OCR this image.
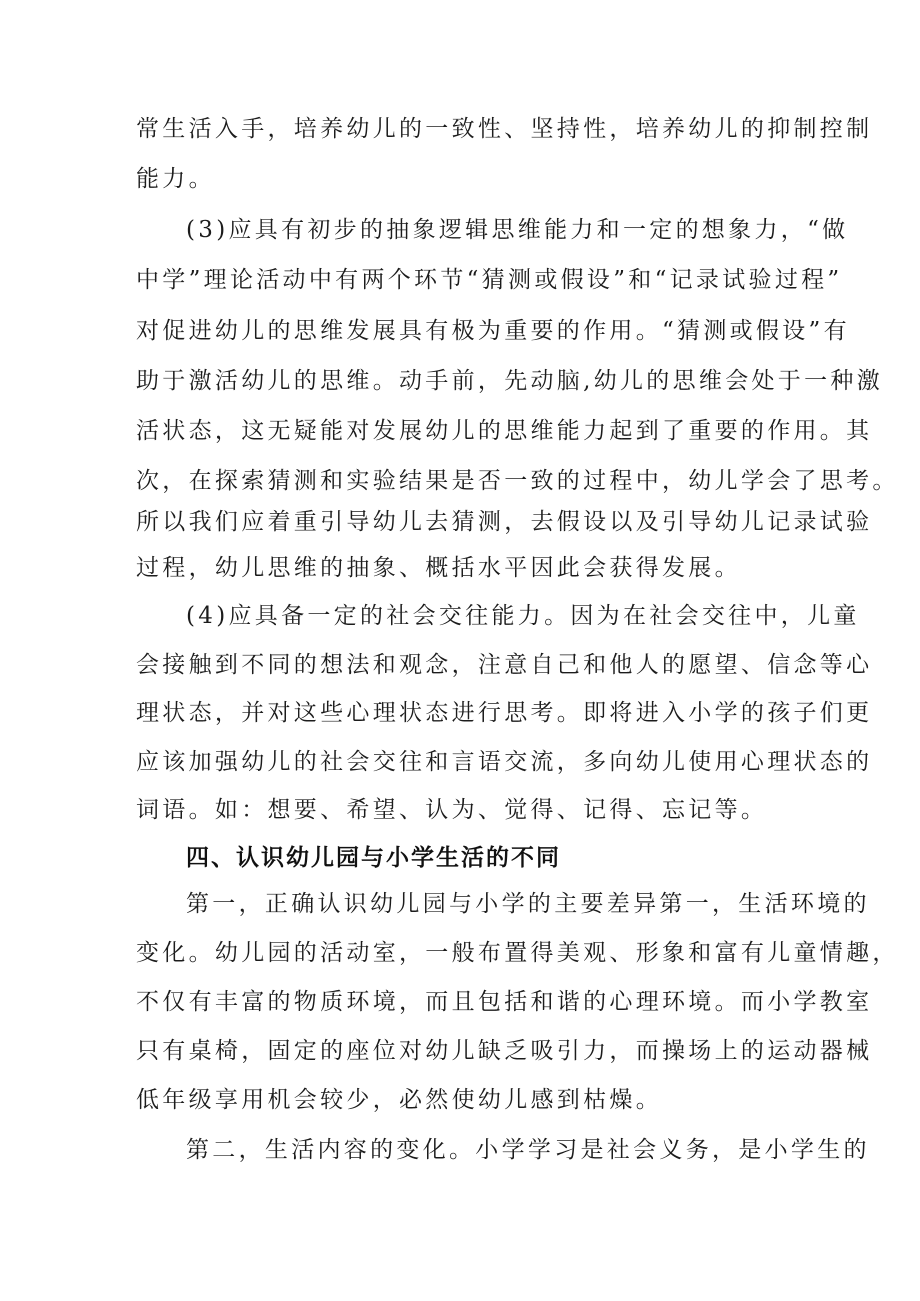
常生活入手，培养幼儿的一致性、坚持性，培养幼儿的抑制控制

能力。

(3)应具有初步的抽象逻辑思维能力和一定的想象力，“做

中学”理论活动中有两个环节“猜测或假设”和“记录试验过程”

对促进幼儿的思维发展具有极为重要的作用。“猜测或假设”有

助于激活幼儿的思维。动手前，先动脑,幼儿的思维会处于一种激

活状态，这无疑能对发展幼儿的思维能力起到了重要的作用。其

次，在探索猜测和实验结果是否一致的过程中，幼儿学会了思考。

所以我们应着重引导幼儿去猜测，去假设以及引导幼儿记录试验

过程，幼儿思维的抽象、概括水平因此会获得发展。

(4)应具备一定的社会交往能力。因为在社会交往中，儿童

会接触到不同的想法和观念，注意自己和他人的愿望、信念等心

理状态，并对这些心理状态进行思考。即将进入小学的孩子们更

应该加强幼儿的社会交往和言语交流，多向幼儿使用心理状态的

词语。如：想要、希望、认为、觉得、记得、忘记等。

四、认识幼儿园与小学生活的不同

第一，正确认识幼儿园与小学的主要差异第一，生活环境的

变化。幼儿园的活动室，一般布置得美观、形象和富有儿童情趣，

不仅有丰富的物质环境，而且包括和谐的心理环境。而小学教室

只有桌椅，固定的座位对幼儿缺乏吸引力，而操场上的运动器械

低年级享用机会较少，必然使幼儿感到枯燥。

第二，生活内容的变化。小学学习是社会义务，是小学生的
